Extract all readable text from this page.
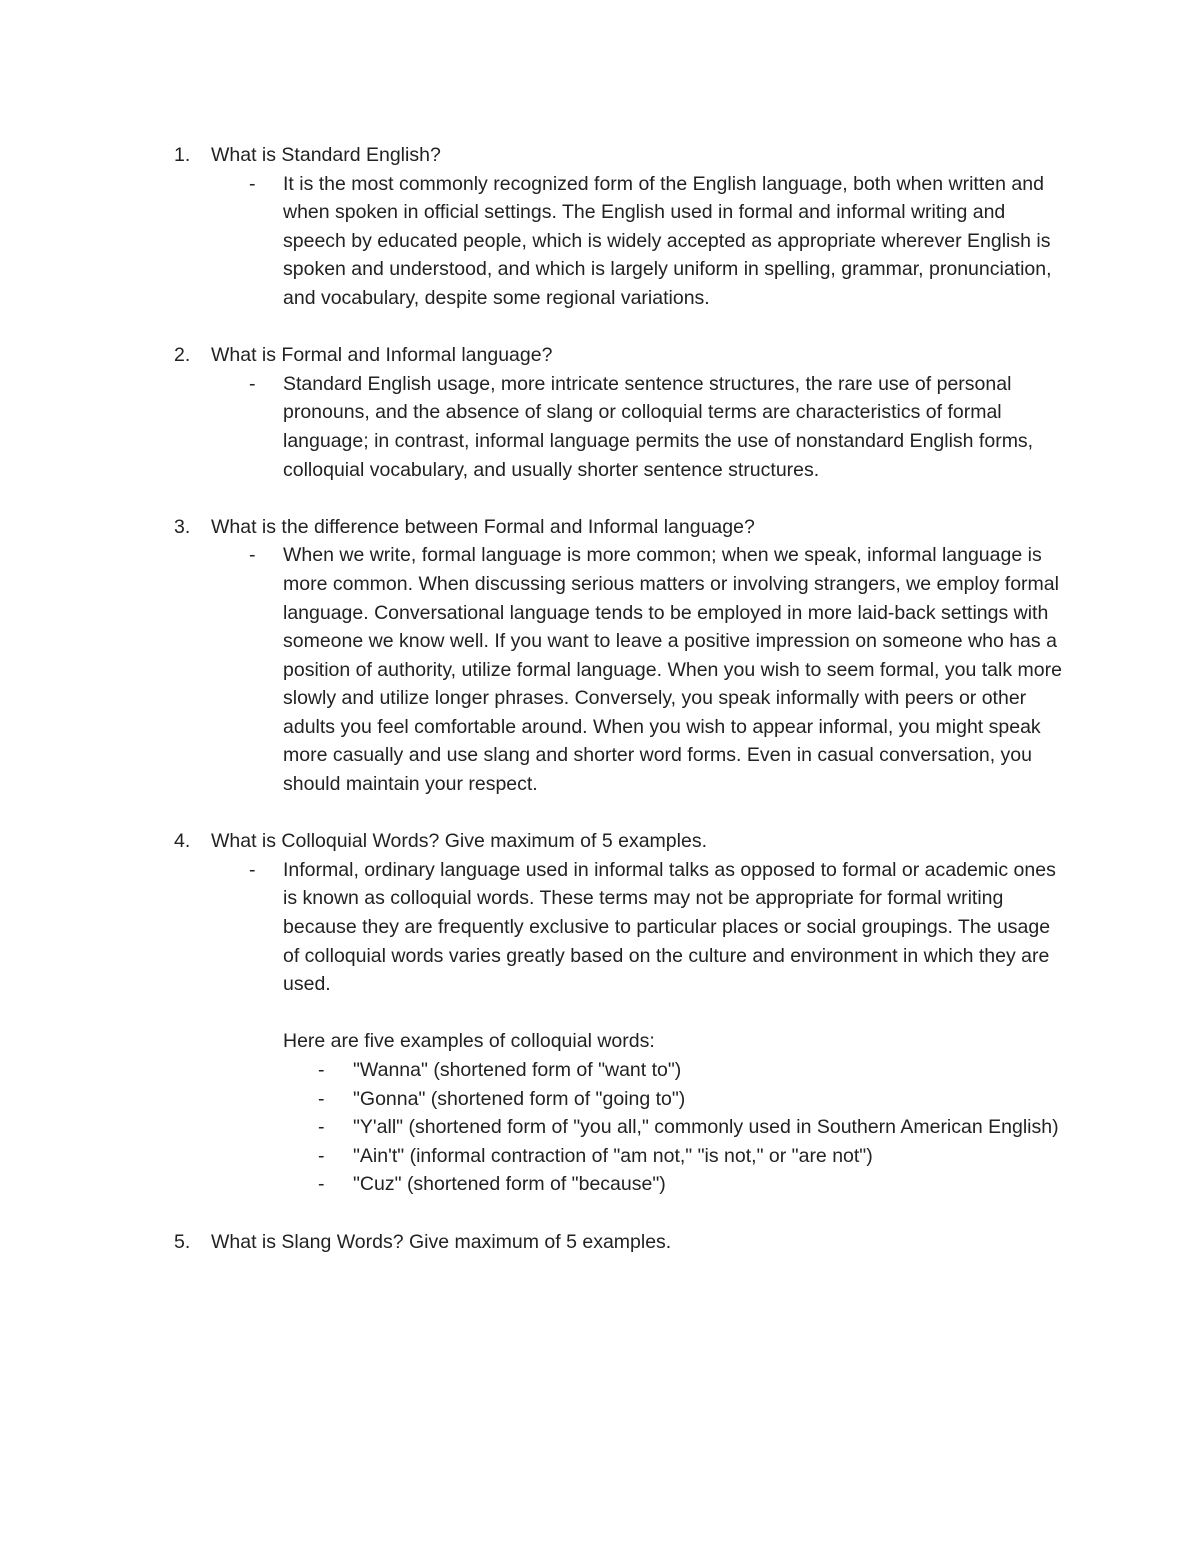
1. What is Standard English?
- It is the most commonly recognized form of the English language, both when written and when spoken in official settings. The English used in formal and informal writing and speech by educated people, which is widely accepted as appropriate wherever English is spoken and understood, and which is largely uniform in spelling, grammar, pronunciation, and vocabulary, despite some regional variations.
2. What is Formal and Informal language?
- Standard English usage, more intricate sentence structures, the rare use of personal pronouns, and the absence of slang or colloquial terms are characteristics of formal language; in contrast, informal language permits the use of nonstandard English forms, colloquial vocabulary, and usually shorter sentence structures.
3. What is the difference between Formal and Informal language?
- When we write, formal language is more common; when we speak, informal language is more common. When discussing serious matters or involving strangers, we employ formal language. Conversational language tends to be employed in more laid-back settings with someone we know well. If you want to leave a positive impression on someone who has a position of authority, utilize formal language. When you wish to seem formal, you talk more slowly and utilize longer phrases. Conversely, you speak informally with peers or other adults you feel comfortable around. When you wish to appear informal, you might speak more casually and use slang and shorter word forms. Even in casual conversation, you should maintain your respect.
4. What is Colloquial Words? Give maximum of 5 examples.
- Informal, ordinary language used in informal talks as opposed to formal or academic ones is known as colloquial words. These terms may not be appropriate for formal writing because they are frequently exclusive to particular places or social groupings. The usage of colloquial words varies greatly based on the culture and environment in which they are used.
Here are five examples of colloquial words:
- "Wanna" (shortened form of "want to")
- "Gonna" (shortened form of "going to")
- "Y'all" (shortened form of "you all," commonly used in Southern American English)
- "Ain't" (informal contraction of "am not," "is not," or "are not")
- "Cuz" (shortened form of "because")
5. What is Slang Words? Give maximum of 5 examples.
